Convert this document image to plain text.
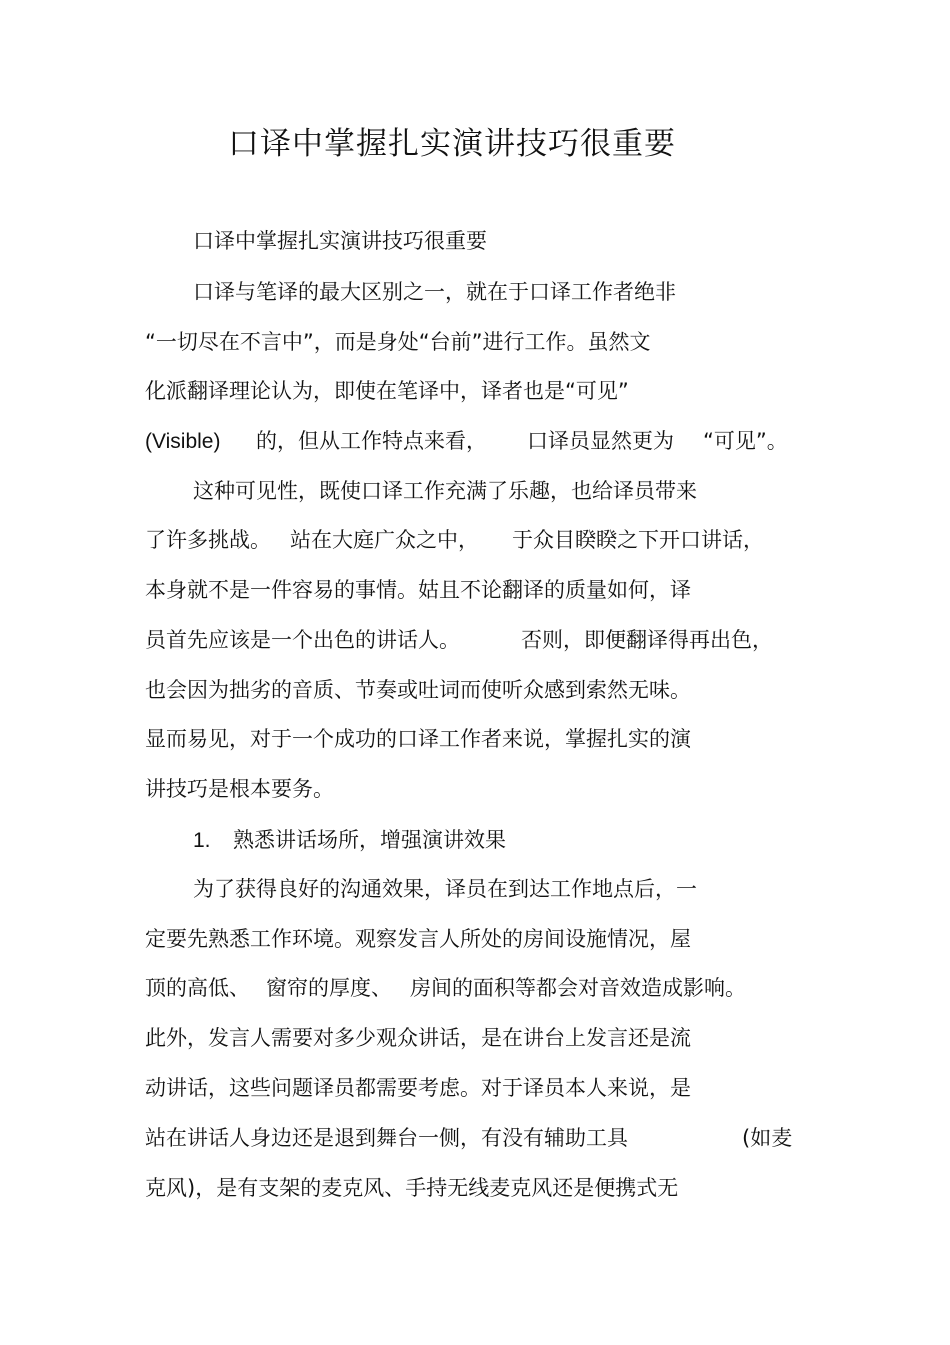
口译中掌握扎实演讲技巧很重要

口译中掌握扎实演讲技巧很重要

口译与笔译的最大区别之一，就在于口译工作者绝非

“一切尽在不言中”，而是身处“台前”进行工作。虽然文

化派翻译理论认为，即使在笔译中，译者也是“可见”

(Visible) 的，但从工作特点来看， 口译员显然更为 “可见”。

这种可见性，既使口译工作充满了乐趣，也给译员带来

了许多挑战。 站在大庭广众之中， 于众目睽睽之下开口讲话，

本身就不是一件容易的事情。姑且不论翻译的质量如何，译

员首先应该是一个出色的讲话人。	否则，即便翻译得再出色，

也会因为拙劣的音质、节奏或吐词而使听众感到索然无味。

显而易见，对于一个成功的口译工作者来说，掌握扎实的演

讲技巧是根本要务。

1. 熟悉讲话场所，增强演讲效果

为了获得良好的沟通效果，译员在到达工作地点后，一

定要先熟悉工作环境。观察发言人所处的房间设施情况，屋

顶的高低、 窗帘的厚度、 房间的面积等都会对音效造成影响。

此外，发言人需要对多少观众讲话，是在讲台上发言还是流

动讲话，这些问题译员都需要考虑。对于译员本人来说，是

站在讲话人身边还是退到舞台一侧，有没有辅助工具	(如麦

克风)，是有支架的麦克风、手持无线麦克风还是便携式无
